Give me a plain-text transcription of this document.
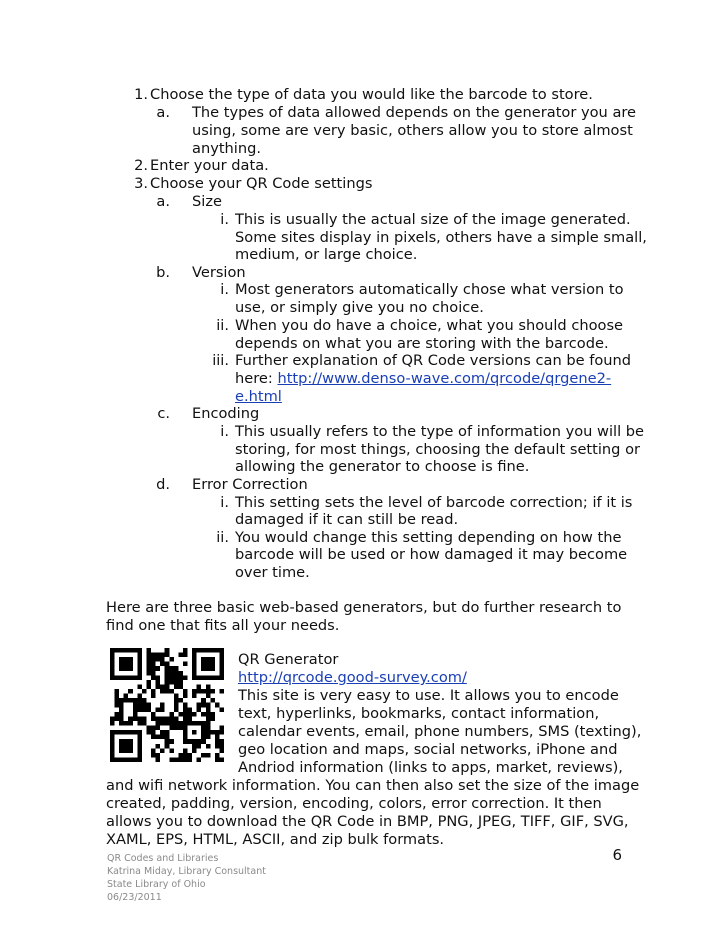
1. Choose the type of data you would like the barcode to store.
a. The types of data allowed depends on the generator you are
using, some are very basic, others allow you to store almost
anything.
2. Enter your data.
3. Choose your QR Code settings
a. Size
i. This is usually the actual size of the image generated.
Some sites display in pixels, others have a simple small,
medium, or large choice.
b. Version
i. Most generators automatically chose what version to
use, or simply give you no choice.
ii. When you do have a choice, what you should choose
depends on what you are storing with the barcode.
iii. Further explanation of QR Code versions can be found
here: http://www.denso-wave.com/qrcode/qrgene2-
e.html
c. Encoding
i. This usually refers to the type of information you will be
storing, for most things, choosing the default setting or
allowing the generator to choose is fine.
d. Error Correction
i. This setting sets the level of barcode correction; if it is
damaged if it can still be read.
ii. You would change this setting depending on how the
barcode will be used or how damaged it may become
over time.
Here are three basic web-based generators, but do further research to
find one that fits all your needs.
QR Generator
http://qrcode.good-survey.com/
This site is very easy to use. It allows you to encode
text, hyperlinks, bookmarks, contact information,
calendar events, email, phone numbers, SMS (texting),
geo location and maps, social networks, iPhone and
Andriod information (links to apps, market, reviews),
and wifi network information. You can then also set the size of the image
created, padding, version, encoding, colors, error correction. It then
allows you to download the QR Code in BMP, PNG, JPEG, TIFF, GIF, SVG,
XAML, EPS, HTML, ASCII, and zip bulk formats.
QR Codes and Libraries
Katrina Miday, Library Consultant
State Library of Ohio
06/23/2011
6
